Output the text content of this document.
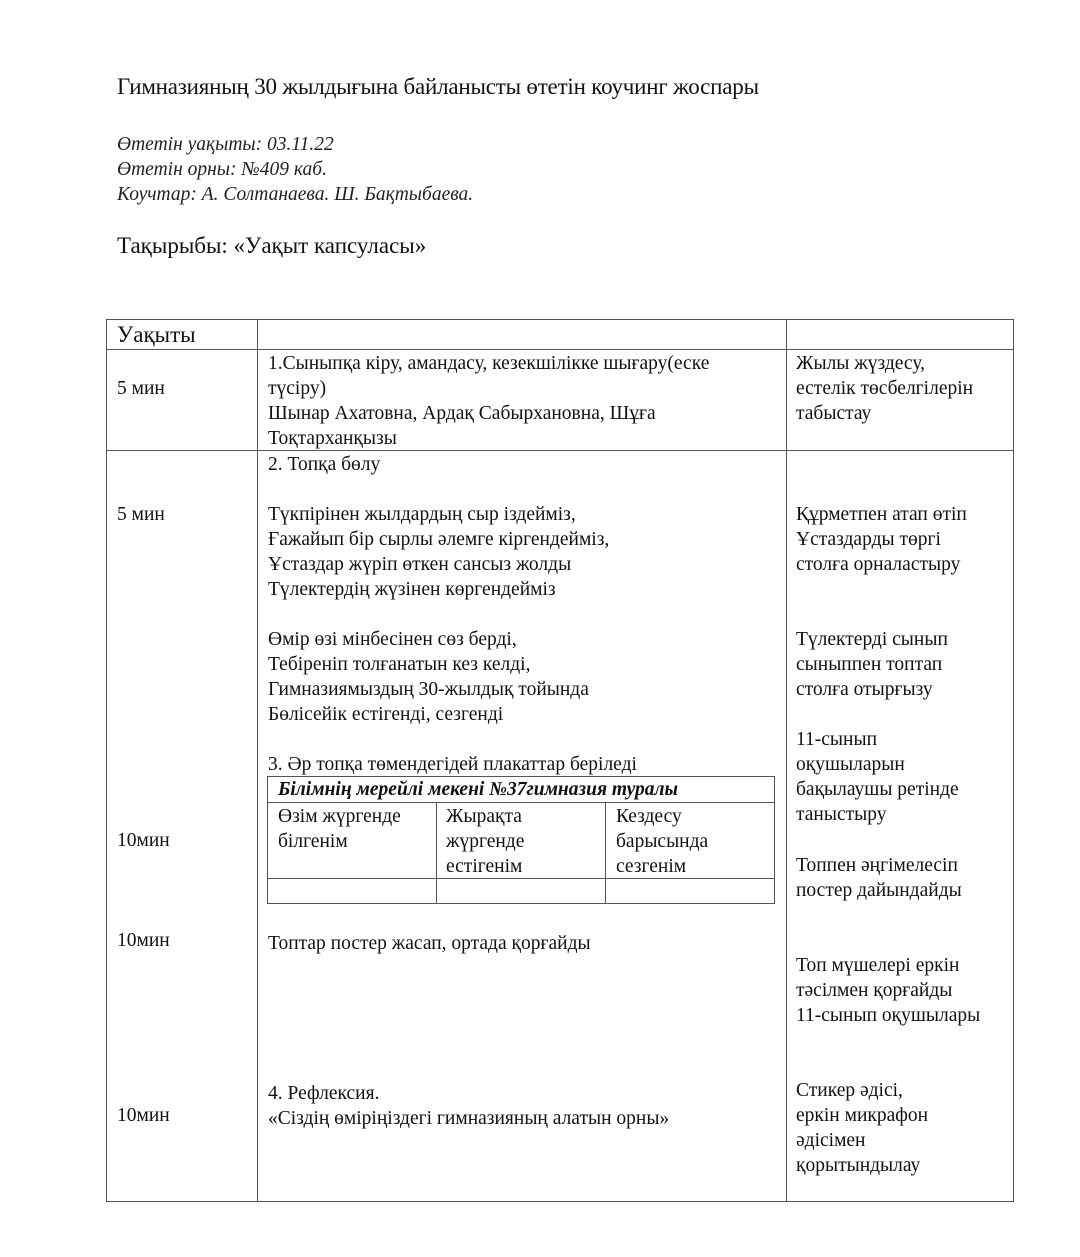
Гимназияның 30 жылдығына байланысты өтетін коучинг жоспары
Өтетін уақыты: 03.11.22
Өтетін орны: №409 каб.
Коучтар: А. Солтанаева. Ш. Бақтыбаева.
Тақырыбы: «Уақыт капсуласы»
Уақыты
5 мин
1.Сыныпқа кіру, амандасу, кезекшілікке шығару(еске
түсіру)
Шынар Ахатовна, Ардақ Сабырхановна, Шұға
Тоқтарханқызы
Жылы жүздесу,
естелік төсбелгілерін
табыстау
5 мин
10мин
10мин
10мин
2. Топқа бөлу
Түкпірінен жылдардың сыр іздейміз,
Ғажайып бір сырлы әлемге кіргендейміз,
Ұстаздар жүріп өткен сансыз жолды
Түлектердің жүзінен көргендейміз
Өмір өзі мінбесінен сөз берді,
Тебіреніп толғанатын кез келді,
Гимназиямыздың 30-жылдық тойында
Бөлісейік естігенді, сезгенді
3. Әр топқа төмендегідей плакаттар беріледі
Білімнің мерейлі мекені №37гимназия туралы
Өзім жүргенде
білгенім
Жырақта
жүргенде
естігенім
Кездесу
барысында
сезгенім
Топтар постер жасап, ортада қорғайды
4. Рефлексия.
«Сіздің өміріңіздегі гимназияның алатын орны»
Құрметпен атап өтіп
Ұстаздарды төргі
столға орналастыру
Түлектерді сынып
сыныппен топтап
столға отырғызу
11-сынып
оқушыларын
бақылаушы ретінде
таныстыру
Топпен әңгімелесіп
постер дайындайды
Топ мүшелері еркін
тәсілмен қорғайды
11-сынып оқушылары
Стикер әдісі,
еркін микрафон
әдісімен
қорытындылау
